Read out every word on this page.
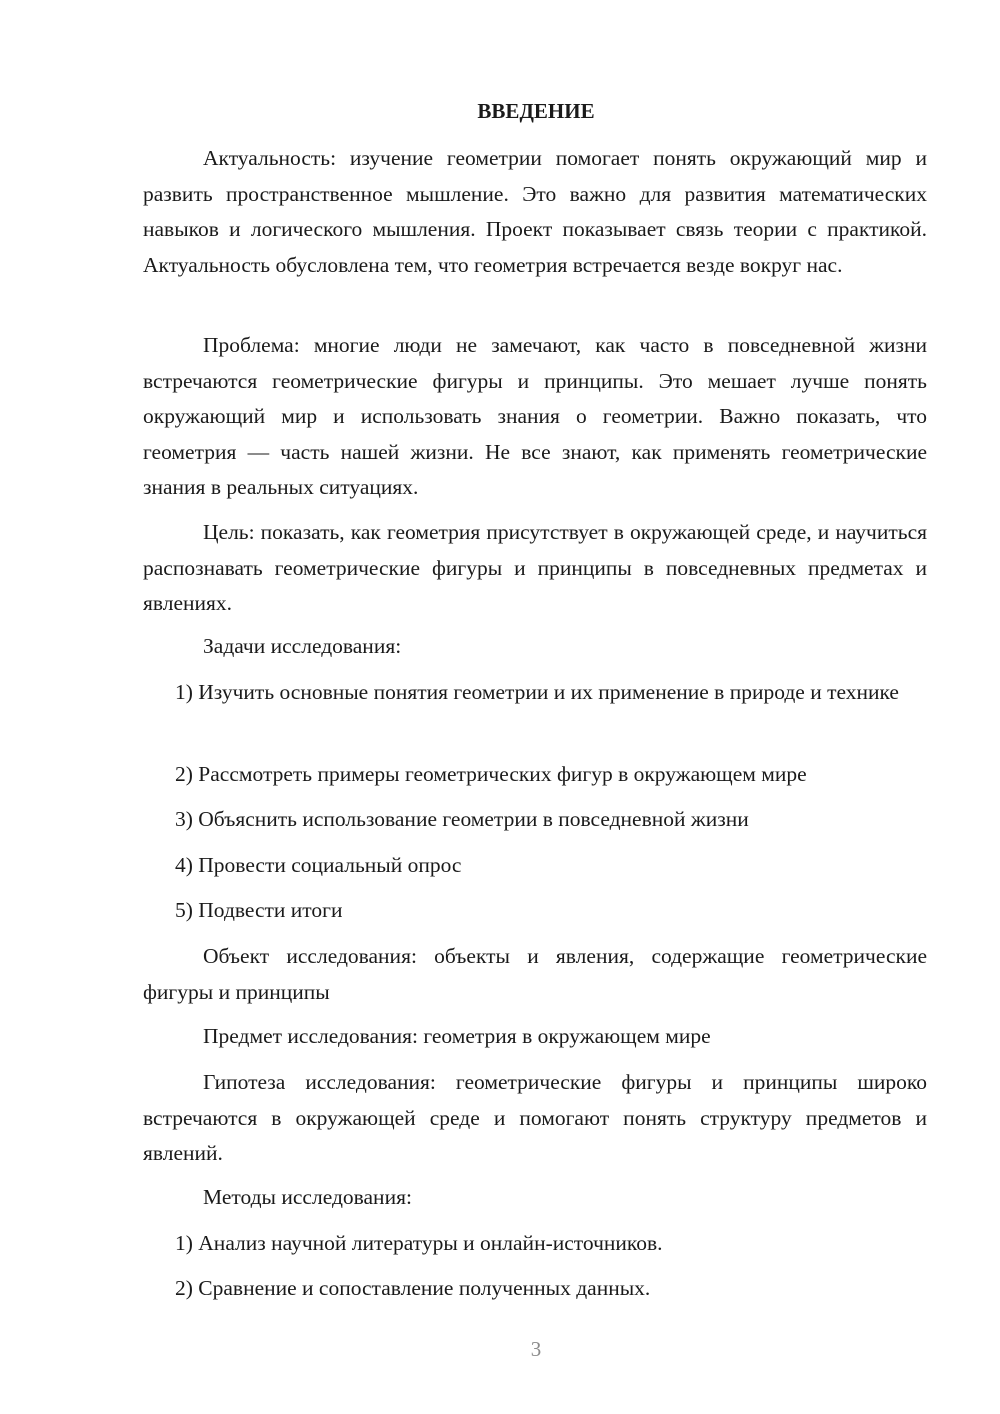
ВВЕДЕНИЕ

Актуальность: изучение геометрии помогает понять окружающий мир и развить пространственное мышление. Это важно для развития математических навыков и логического мышления. Проект показывает связь теории с практикой. Актуальность обусловлена тем, что геометрия встречается везде вокруг нас.

Проблема: многие люди не замечают, как часто в повседневной жизни встречаются геометрические фигуры и принципы. Это мешает лучше понять окружающий мир и использовать знания о геометрии. Важно показать, что геометрия — часть нашей жизни. Не все знают, как применять геометрические знания в реальных ситуациях.

Цель: показать, как геометрия присутствует в окружающей среде, и научиться распознавать геометрические фигуры и принципы в повседневных предметах и явлениях.

Задачи исследования:

1) Изучить основные понятия геометрии и их применение в природе и технике

2) Рассмотреть примеры геометрических фигур в окружающем мире

3) Объяснить использование геометрии в повседневной жизни

4) Провести социальный опрос

5) Подвести итоги

Объект исследования: объекты и явления, содержащие геометрические фигуры и принципы

Предмет исследования: геометрия в окружающем мире

Гипотеза исследования: геометрические фигуры и принципы широко встречаются в окружающей среде и помогают понять структуру предметов и явлений.

Методы исследования:

1) Анализ научной литературы и онлайн-источников.

2) Сравнение и сопоставление полученных данных.

3
